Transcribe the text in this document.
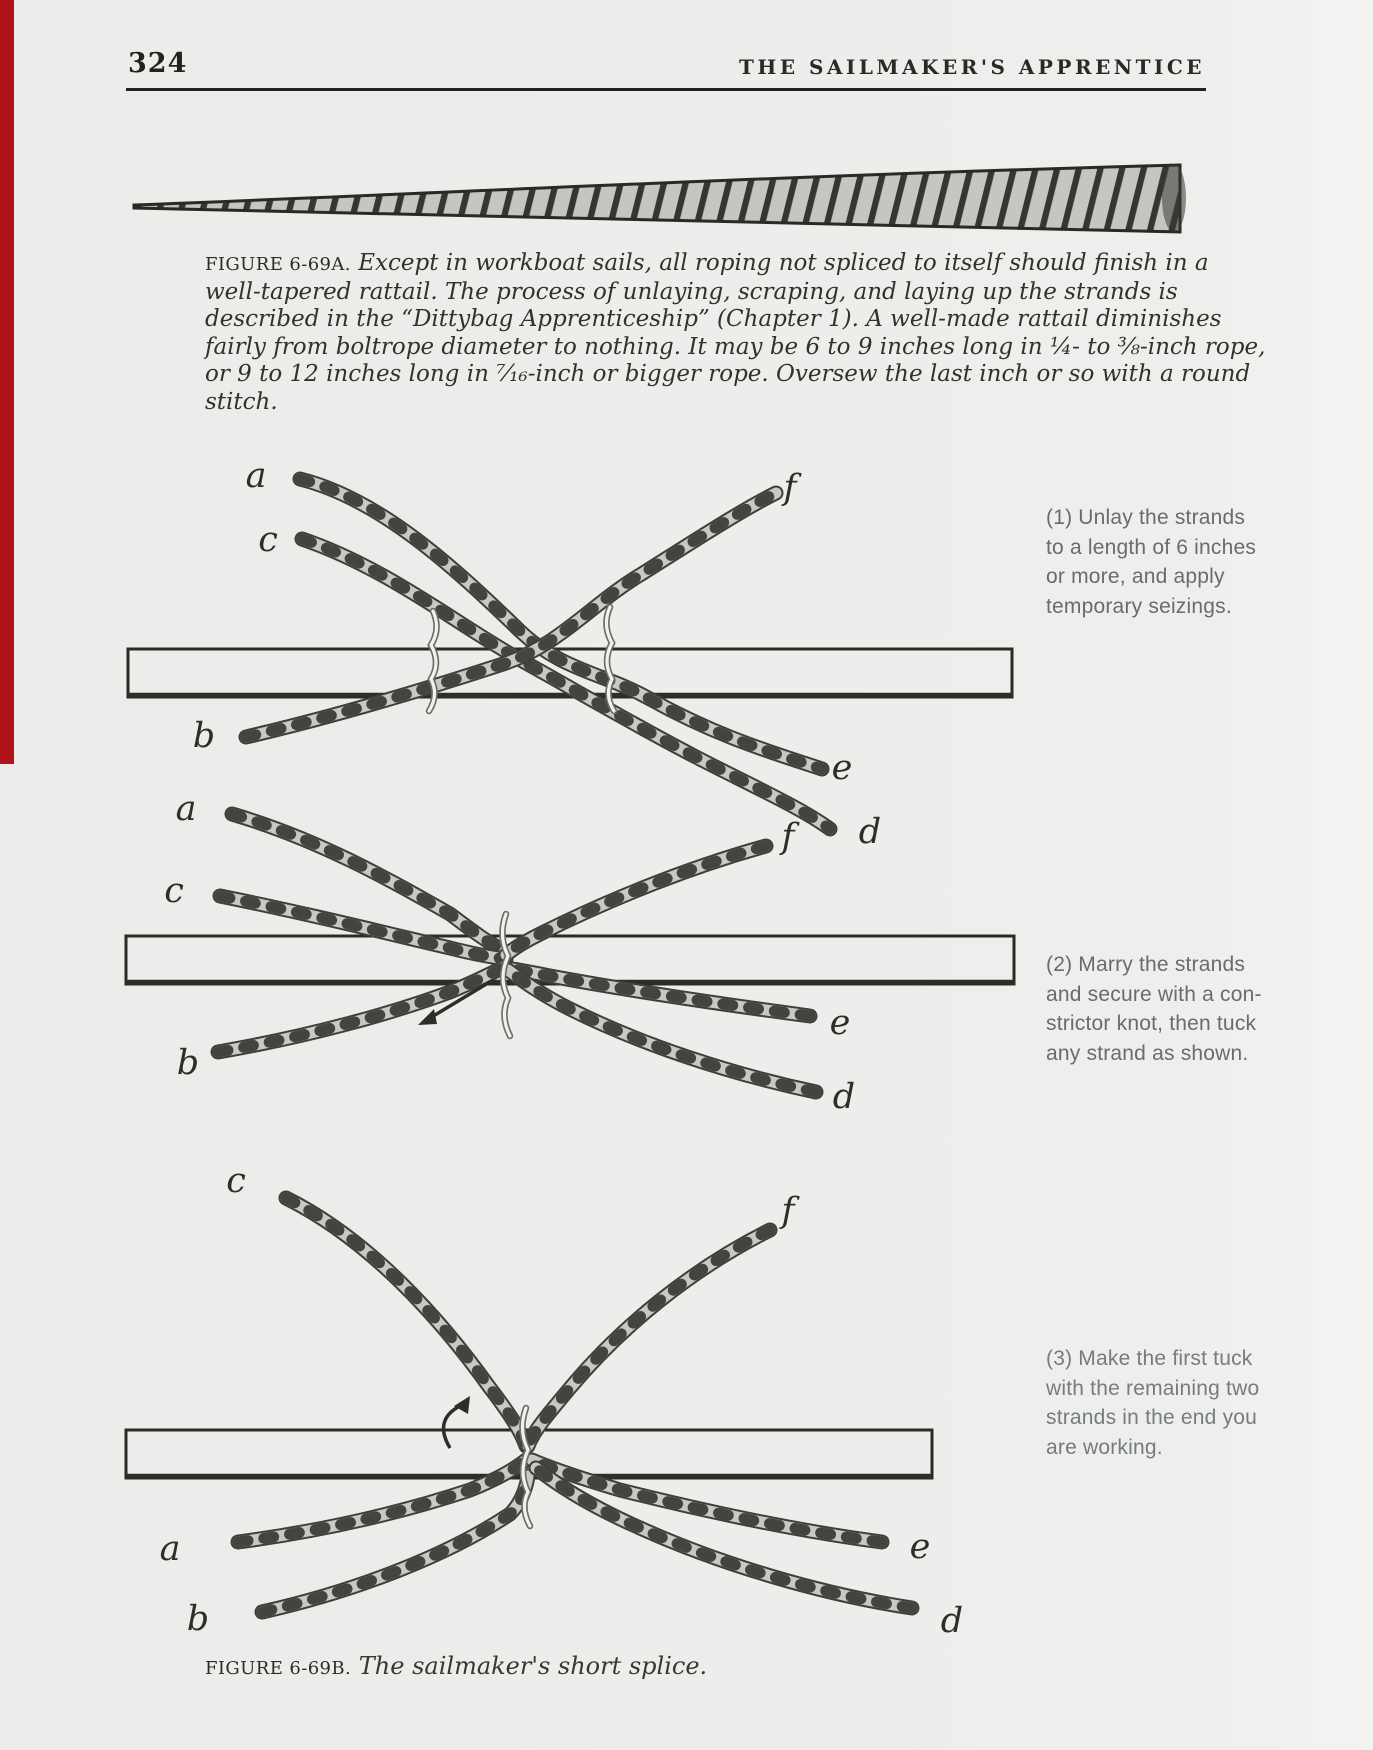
324	THE SAILMAKER'S APPRENTICE
FIGURE 6-69A. Except in workboat sails, all roping not spliced to itself should finish in a
well-tapered rattail. The process of unlaying, scraping, and laying up the strands is
described in the “Dittybag Apprenticeship” (Chapter 1). A well-made rattail diminishes
fairly from boltrope diameter to nothing. It may be 6 to 9 inches long in ¼- to ⅜-inch rope,
or 9 to 12 inches long in ⁷⁄₁₆-inch or bigger rope. Oversew the last inch or so with a round
stitch.
a
c
f
b
e
d
(1) Unlay the strands
to a length of 6 inches
or more, and apply
temporary seizings.
a
c
f
b
e
d
(2) Marry the strands
and secure with a con-
strictor knot, then tuck
any strand as shown.
c
f
a
b
e
d
(3) Make the first tuck
with the remaining two
strands in the end you
are working.
FIGURE 6-69B. The sailmaker's short splice.
